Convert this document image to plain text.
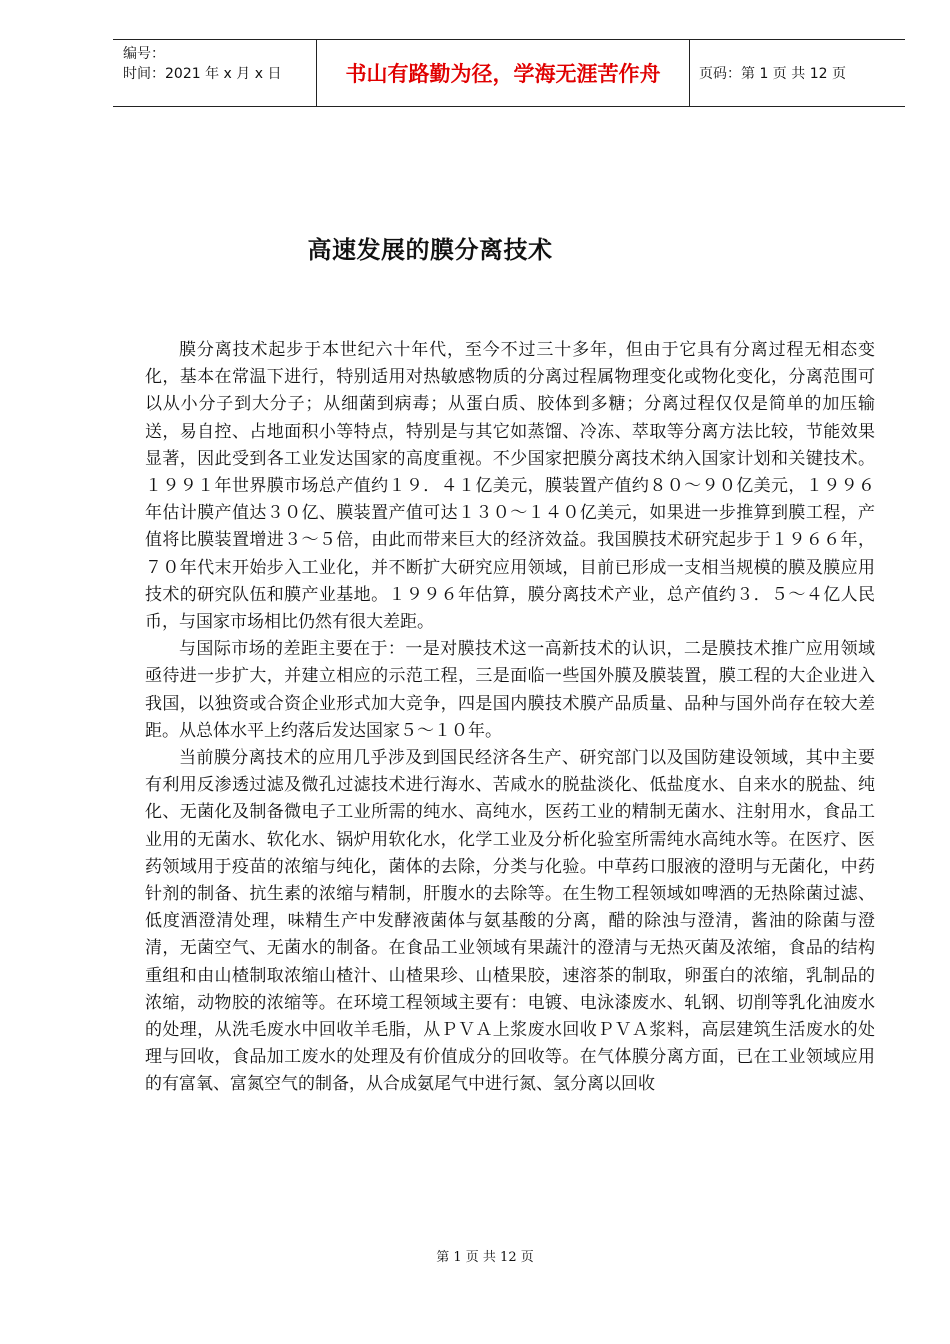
编号：
时间：2021 年 x 月 x 日	书山有路勤为径，学海无涯苦作舟	页码：第 1 页 共 12 页
高速发展的膜分离技术

膜分离技术起步于本世纪六十年代，至今不过三十多年，但由于它具有分离过程无相态变化，基本在常温下进行，特别适用对热敏感物质的分离过程属物理变化或物化变化，分离范围可以从小分子到大分子；从细菌到病毒；从蛋白质、胶体到多糖；分离过程仅仅是简单的加压输送，易自控、占地面积小等特点，特别是与其它如蒸馏、冷冻、萃取等分离方法比较，节能效果显著，因此受到各工业发达国家的高度重视。不少国家把膜分离技术纳入国家计划和关键技术。１９９１年世界膜市场总产值约１９．４１亿美元，膜装置产值约８０～９０亿美元，１９９６年估计膜产值达３０亿、膜装置产值可达１３０～１４０亿美元，如果进一步推算到膜工程，产值将比膜装置增进３～５倍，由此而带来巨大的经济效益。我国膜技术研究起步于１９６６年，７０年代末开始步入工业化，并不断扩大研究应用领域，目前已形成一支相当规模的膜及膜应用技术的研究队伍和膜产业基地。１９９６年估算，膜分离技术产业，总产值约３．５～４亿人民币，与国家市场相比仍然有很大差距。

与国际市场的差距主要在于：一是对膜技术这一高新技术的认识，二是膜技术推广应用领域亟待进一步扩大，并建立相应的示范工程，三是面临一些国外膜及膜装置，膜工程的大企业进入我国，以独资或合资企业形式加大竞争，四是国内膜技术膜产品质量、品种与国外尚存在较大差距。从总体水平上约落后发达国家５～１０年。

当前膜分离技术的应用几乎涉及到国民经济各生产、研究部门以及国防建设领域，其中主要有利用反渗透过滤及微孔过滤技术进行海水、苦咸水的脱盐淡化、低盐度水、自来水的脱盐、纯化、无菌化及制备微电子工业所需的纯水、高纯水，医药工业的精制无菌水、注射用水，食品工业用的无菌水、软化水、锅炉用软化水，化学工业及分析化验室所需纯水高纯水等。在医疗、医药领域用于疫苗的浓缩与纯化，菌体的去除，分类与化验。中草药口服液的澄明与无菌化，中药针剂的制备、抗生素的浓缩与精制，肝腹水的去除等。在生物工程领域如啤酒的无热除菌过滤、低度酒澄清处理，味精生产中发酵液菌体与氨基酸的分离，醋的除浊与澄清，酱油的除菌与澄清，无菌空气、无菌水的制备。在食品工业领域有果蔬汁的澄清与无热灭菌及浓缩，食品的结构重组和由山楂制取浓缩山楂汁、山楂果珍、山楂果胶，速溶茶的制取，卵蛋白的浓缩，乳制品的浓缩，动物胶的浓缩等。在环境工程领域主要有：电镀、电泳漆废水、轧钢、切削等乳化油废水的处理，从洗毛废水中回收羊毛脂，从ＰＶＡ上浆废水回收ＰＶＡ浆料，高层建筑生活废水的处理与回收，食品加工废水的处理及有价值成分的回收等。在气体膜分离方面，已在工业领域应用的有富氧、富氮空气的制备，从合成氨尾气中进行氮、氢分离以回收

第 1 页 共 12 页
